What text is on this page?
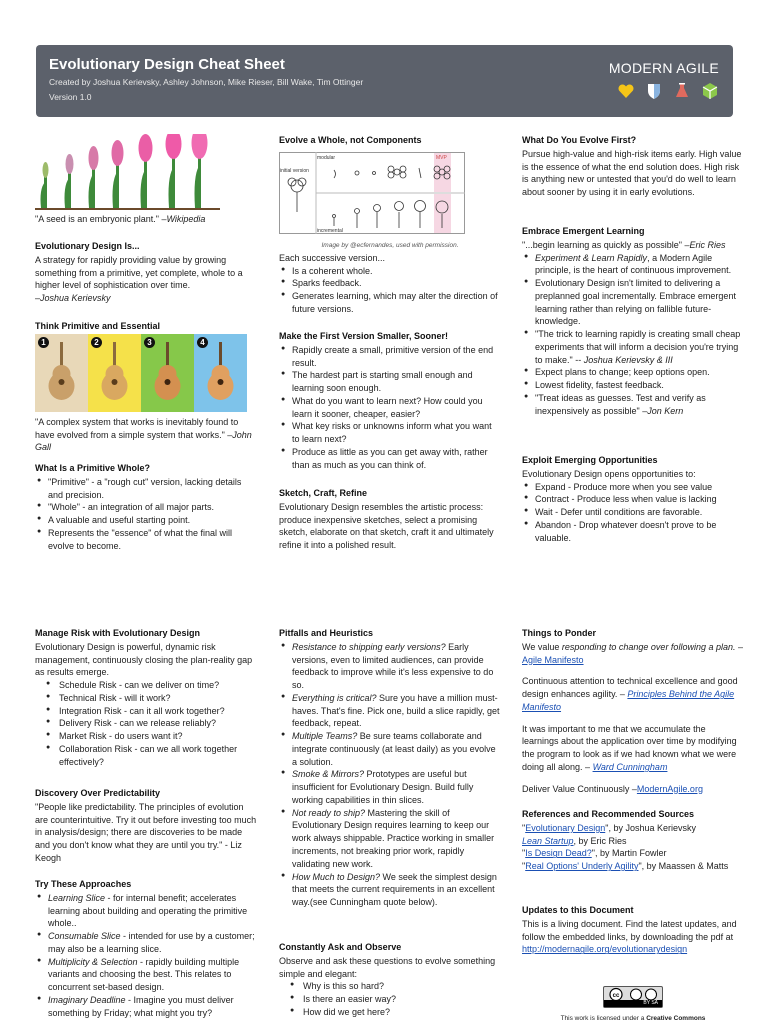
Evolutionary Design Cheat Sheet
Created by Joshua Kerievsky, Ashley Johnson, Mike Rieser, Bill Wake, Tim Ottinger
Version 1.0
MODERN AGILE

"A seed is an embryonic plant." –Wikipedia

Evolutionary Design Is...

A strategy for rapidly providing value by growing something from a primitive, yet complete, whole to a higher level of sophistication over time.

–Joshua Kerievsky

Think Primitive and Essential
1	2	3	4

"A complex system that works is inevitably found to have evolved from a simple system that works." –John Gall

What Is a Primitive Whole?
● "Primitive" - a "rough cut" version, lacking details and precision.
● "Whole" - an integration of all major parts.
● A valuable and useful starting point.
● Represents the "essence" of what the final will evolve to become.
Manage Risk with Evolutionary Design

Evolutionary Design is powerful, dynamic risk management, continuously closing the plan-reality gap as results emerge.

● Schedule Risk - can we deliver on time?
● Technical Risk - will it work?
● Integration Risk - can it all work together?
● Delivery Risk - can we release reliably?
● Market Risk - do users want it?
● Collaboration Risk - can we all work together effectively?
Discovery Over Predictability

"People like predictability. The principles of evolution are counterintuitive. Try it out before investing too much in analysis/design; there are discoveries to be made and you don't know what they are until you try." - Liz Keogh

Try These Approaches
● Learning Slice - for internal benefit; accelerates learning about building and operating the primitive whole..
● Consumable Slice - intended for use by a customer; may also be a learning slice.
● Multiplicity & Selection - rapidly building multiple variants and choosing the best. This relates to concurrent set-based design.
● Imaginary Deadline - Imagine you must deliver something by Friday; what might you try?
Evolve a Whole, not Components
modular
initial version
incremental
MVP

Image by @ecfernandes, used with permission.

Each successive version...

● Is a coherent whole.
● Sparks feedback.
● Generates learning, which may alter the direction of future versions.
Make the First Version Smaller, Sooner!
● Rapidly create a small, primitive version of the end result.
● The hardest part is starting small enough and learning soon enough.
● What do you want to learn next? How could you learn it sooner, cheaper, easier?
● What key risks or unknowns inform what you want to learn next?
● Produce as little as you can get away with, rather than as much as you can think of.
Sketch, Craft, Refine

Evolutionary Design resembles the artistic process: produce inexpensive sketches, select a promising sketch, elaborate on that sketch, craft it and ultimately refine it into a polished result.

Pitfalls and Heuristics
● Resistance to shipping early versions? Early versions, even to limited audiences, can provide feedback to improve while it's less expensive to do so.
● Everything is critical? Sure you have a million must-haves. That's fine. Pick one, build a slice rapidly, get feedback, repeat.
● Multiple Teams? Be sure teams collaborate and integrate continuously (at least daily) as you evolve a solution.
● Smoke & Mirrors? Prototypes are useful but insufficient for Evolutionary Design. Build fully working capabilities in thin slices.
● Not ready to ship? Mastering the skill of Evolutionary Design requires learning to keep our work always shippable. Practice working in smaller increments, not breaking prior work, rapidly validating new work.
● How Much to Design? We seek the simplest design that meets the current requirements in an excellent way.(see Cunningham quote below).
Constantly Ask and Observe

Observe and ask these questions to evolve something simple and elegant:

● Why is this so hard?
● Is there an easier way?
● How did we get here?
What Do You Evolve First?

Pursue high-value and high-risk items early. High value is the essence of what the end solution does. High risk is anything new or untested that you'd do well to learn about sooner by using it in early evolutions.

Embrace Emergent Learning

"...begin learning as quickly as possible" –Eric Ries

● Experiment & Learn Rapidly, a Modern Agile principle, is the heart of continuous improvement.
● Evolutionary Design isn't limited to delivering a preplanned goal incrementally. Embrace emergent learning rather than relying on fallible future-knowledge.
● "The trick to learning rapidly is creating small cheap experiments that will inform a decision you're trying to make." -- Joshua Kerievsky & III
● Expect plans to change; keep options open.
● Lowest fidelity, fastest feedback.
● "Treat ideas as guesses. Test and verify as inexpensively as possible" –Jon Kern
Exploit Emerging Opportunities

Evolutionary Design opens opportunities to:

● Expand - Produce more when you see value
● Contract - Produce less when value is lacking
● Wait - Defer until conditions are favorable.
● Abandon - Drop whatever doesn't prove to be valuable.
Things to Ponder

We value responding to change over following a plan. – Agile Manifesto

Continuous attention to technical excellence and good design enhances agility. – Principles Behind the Agile Manifesto

It was important to me that we accumulate the learnings about the application over time by modifying the program to look as if we had known what we were doing all along. – Ward Cunningham

Deliver Value Continuously –ModernAgile.org

References and Recommended Sources

"Evolutionary Design", by Joshua Kerievsky

Lean Startup, by Eric Ries

"Is Design Dead?", by Martin Fowler

"Real Options' Underly Agility", by Maassen & Matts

Updates to this Document

This is a living document. Find the latest updates, and follow the embedded links, by downloading the pdf at

http://modernagile.org/evolutionarydesign
cc
BY SA

This work is licensed under a Creative Commons
